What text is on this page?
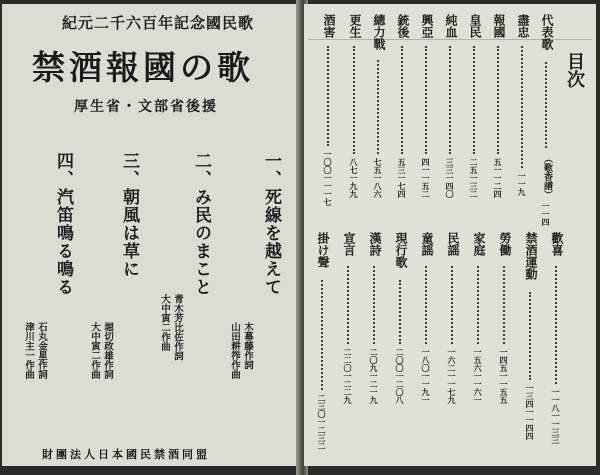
紀元二千六百年記念國民歌
禁酒報國の歌
厚生省・文部省後援
一、死線を越えて
木幕藤作詞
山田耕筰作曲
二、み民のまこと
青木芳比佐作詞
大中寅二作曲
三、朝風は草に
堀切政雄作詞
大中寅二作曲
四、汽笛鳴る鳴る
石丸金星作詞
津川主一作曲
財團法人日本國民禁酒同盟
目次
代表歌
（歌香譜）
一一四
盡忠
一一九
報國
五一一二四
皇民
二五一三二
純血
三三一四〇
興亞
四一一五二
銃後
五三一七四
總力戰
七五一八六
更生
八七一九九
酒害
一〇〇一一一七
歡喜
一一八一一三三
禁酒運動
一三四一一四四
勞働
一四五一一五五
家庭
一五六一一六一
民謡
一六二一一七九
童謡
一八〇一一九一
現行歌
二〇〇一二〇八
漢詩
二〇九一二一九
宣言
二二〇一二二九
掛け聲
二三〇一二三二
